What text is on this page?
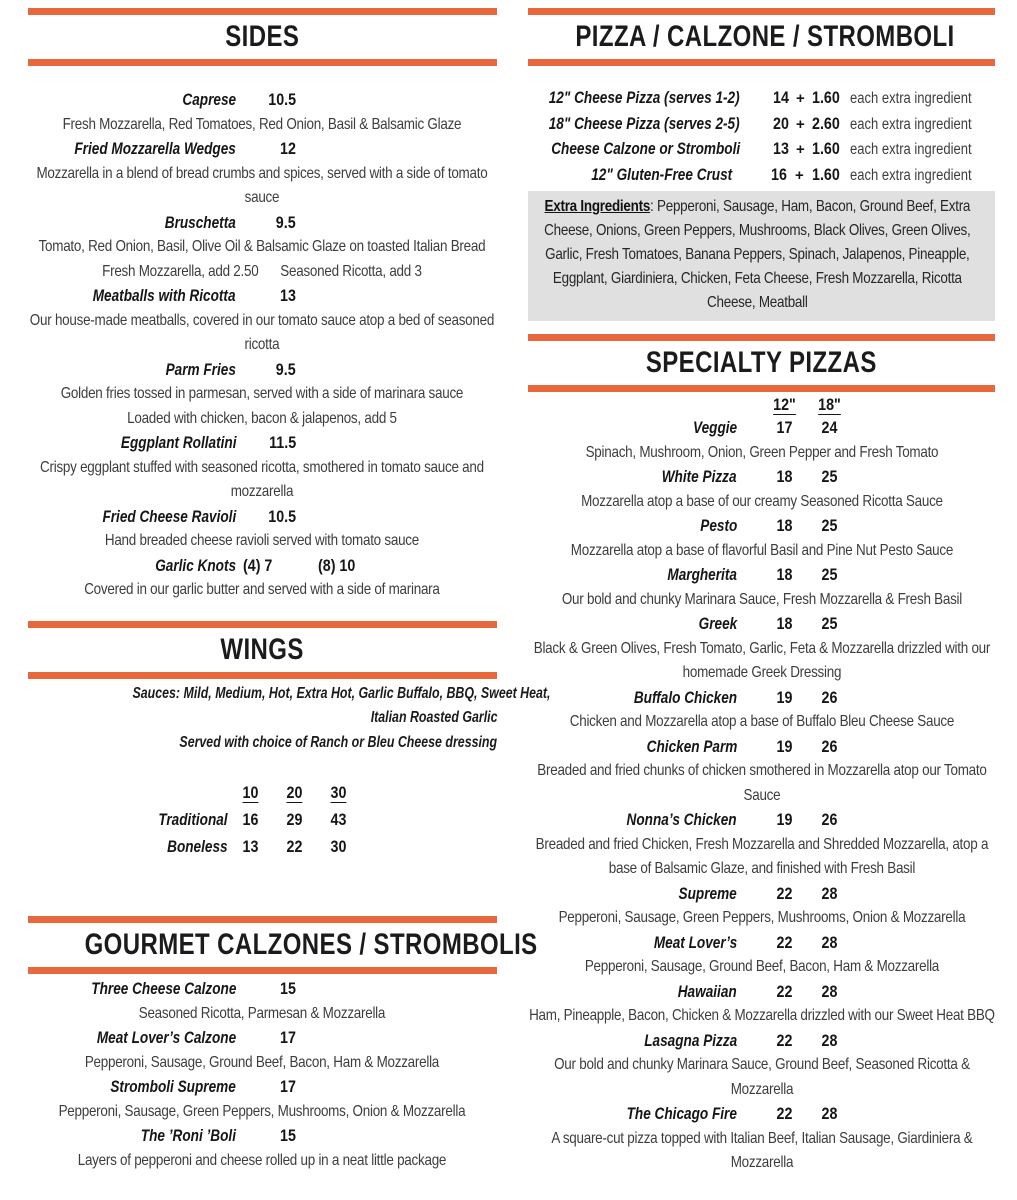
SIDES
Caprese 10.5
Fresh Mozzarella, Red Tomatoes, Red Onion, Basil & Balsamic Glaze
Fried Mozzarella Wedges	12
Mozzarella in a blend of bread crumbs and spices, served with a side of tomato sauce
Bruschetta 9.5
Tomato, Red Onion, Basil, Olive Oil & Balsamic Glaze on toasted Italian Bread
Fresh Mozzarella, add 2.50 Seasoned Ricotta, add 3
Meatballs with Ricotta	13
Our house-made meatballs, covered in our tomato sauce atop a bed of seasoned ricotta
Parm Fries 9.5
Golden fries tossed in parmesan, served with a side of marinara sauce
Loaded with chicken, bacon & jalapenos, add 5
Eggplant Rollatini 11.5
Crispy eggplant stuffed with seasoned ricotta, smothered in tomato sauce and mozzarella
Fried Cheese Ravioli 10.5
Hand breaded cheese ravioli served with tomato sauce
Garlic Knots (4) 7	(8) 10
Covered in our garlic butter and served with a side of marinara
WINGS
Sauces: Mild, Medium, Hot, Extra Hot, Garlic Buffalo, BBQ, Sweet Heat,
Italian Roasted Garlic
Served with choice of Ranch or Bleu Cheese dressing
10 20 30
Traditional 16 29 43
Boneless 13 22 30
GOURMET CALZONES / STROMBOLIS
Three Cheese Calzone	15
Seasoned Ricotta, Parmesan & Mozzarella
Meat Lover’s Calzone	17
Pepperoni, Sausage, Ground Beef, Bacon, Ham & Mozzarella
Stromboli Supreme	17
Pepperoni, Sausage, Green Peppers, Mushrooms, Onion & Mozzarella
The ’Roni ’Boli	15
Layers of pepperoni and cheese rolled up in a neat little package
PIZZA / CALZONE / STROMBOLI
12" Cheese Pizza (serves 1-2) 14 + 1.60 each extra ingredient
18" Cheese Pizza (serves 2-5) 20 + 2.60 each extra ingredient
Cheese Calzone or Stromboli 13 + 1.60 each extra ingredient
12" Gluten-Free Crust 16 + 1.60 each extra ingredient
Extra Ingredients: Pepperoni, Sausage, Ham, Bacon, Ground Beef, Extra Cheese, Onions, Green Peppers, Mushrooms, Black Olives, Green Olives, Garlic, Fresh Tomatoes, Banana Peppers, Spinach, Jalapenos, Pineapple, Eggplant, Giardiniera, Chicken, Feta Cheese, Fresh Mozzarella, Ricotta Cheese, Meatball
SPECIALTY PIZZAS
12" 18"
Veggie 17 24
Spinach, Mushroom, Onion, Green Pepper and Fresh Tomato
White Pizza 18 25
Mozzarella atop a base of our creamy Seasoned Ricotta Sauce
Pesto 18 25
Mozzarella atop a base of flavorful Basil and Pine Nut Pesto Sauce
Margherita 18 25
Our bold and chunky Marinara Sauce, Fresh Mozzarella & Fresh Basil
Greek 18 25
Black & Green Olives, Fresh Tomato, Garlic, Feta & Mozzarella drizzled with our homemade Greek Dressing
Buffalo Chicken 19 26
Chicken and Mozzarella atop a base of Buffalo Bleu Cheese Sauce
Chicken Parm 19 26
Breaded and fried chunks of chicken smothered in Mozzarella atop our Tomato Sauce
Nonna’s Chicken 19 26
Breaded and fried Chicken, Fresh Mozzarella and Shredded Mozzarella, atop a base of Balsamic Glaze, and finished with Fresh Basil
Supreme 22 28
Pepperoni, Sausage, Green Peppers, Mushrooms, Onion & Mozzarella
Meat Lover’s 22 28
Pepperoni, Sausage, Ground Beef, Bacon, Ham & Mozzarella
Hawaiian 22 28
Ham, Pineapple, Bacon, Chicken & Mozzarella drizzled with our Sweet Heat BBQ
Lasagna Pizza 22 28
Our bold and chunky Marinara Sauce, Ground Beef, Seasoned Ricotta & Mozzarella
The Chicago Fire 22 28
A square-cut pizza topped with Italian Beef, Italian Sausage, Giardiniera & Mozzarella
